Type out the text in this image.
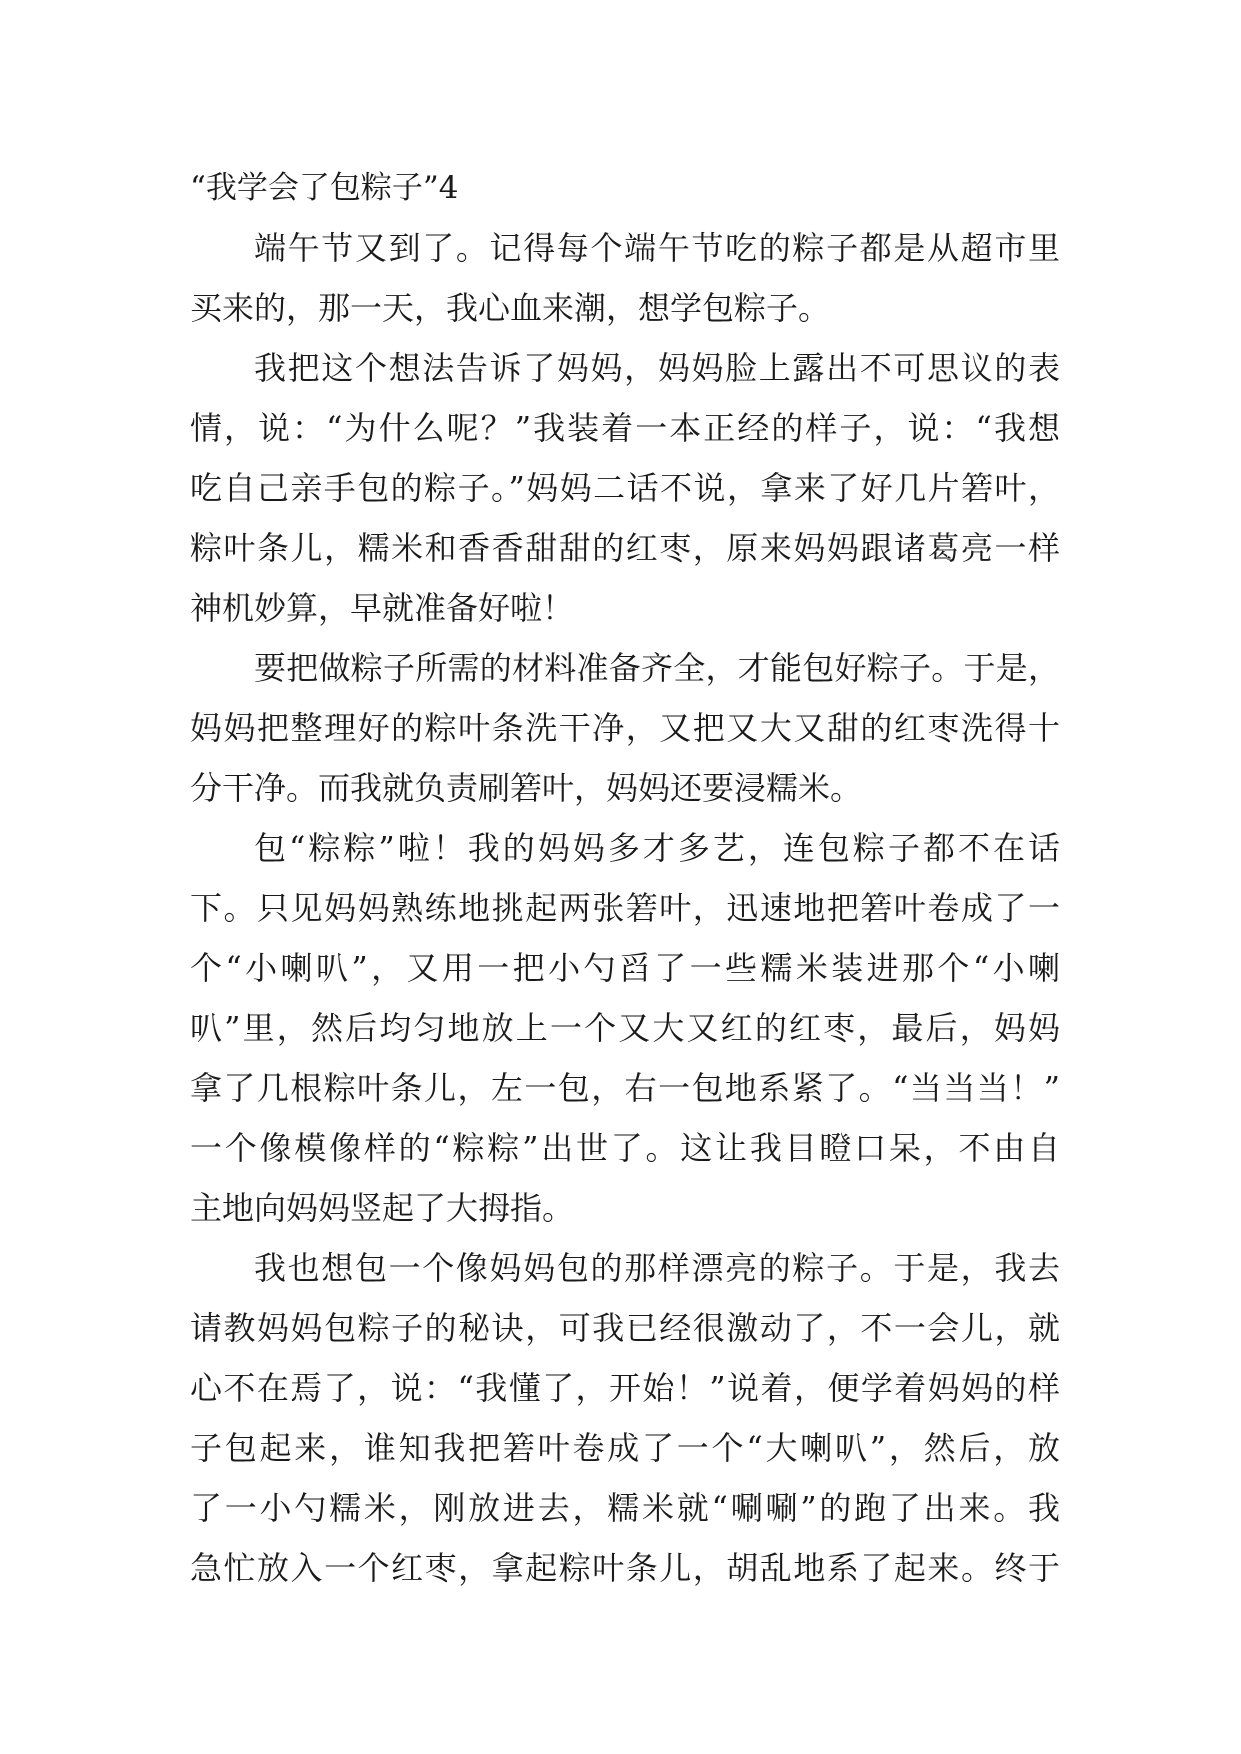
“我学会了包粽子”4

端午节又到了。记得每个端午节吃的粽子都是从超市里
买来的，那一天，我心血来潮，想学包粽子。

我把这个想法告诉了妈妈，妈妈脸上露出不可思议的表
情，说：“为什么呢？”我装着一本正经的样子，说：“我想
吃自己亲手包的粽子。”妈妈二话不说，拿来了好几片箬叶，
粽叶条儿，糯米和香香甜甜的红枣，原来妈妈跟诸葛亮一样
神机妙算，早就准备好啦！

要把做粽子所需的材料准备齐全，才能包好粽子。于是，
妈妈把整理好的粽叶条洗干净，又把又大又甜的红枣洗得十
分干净。而我就负责刷箬叶，妈妈还要浸糯米。

包“粽粽”啦！我的妈妈多才多艺，连包粽子都不在话
下。只见妈妈熟练地挑起两张箬叶，迅速地把箬叶卷成了一
个“小喇叭”，又用一把小勺舀了一些糯米装进那个“小喇
叭”里，然后均匀地放上一个又大又红的红枣，最后，妈妈
拿了几根粽叶条儿，左一包，右一包地系紧了。“当当当！”
一个像模像样的“粽粽”出世了。这让我目瞪口呆，不由自
主地向妈妈竖起了大拇指。

我也想包一个像妈妈包的那样漂亮的粽子。于是，我去
请教妈妈包粽子的秘诀，可我已经很激动了，不一会儿，就
心不在焉了，说：“我懂了，开始！”说着，便学着妈妈的样
子包起来，谁知我把箬叶卷成了一个“大喇叭”，然后，放
了一小勺糯米，刚放进去，糯米就“唰唰”的跑了出来。我
急忙放入一个红枣，拿起粽叶条儿，胡乱地系了起来。终于
